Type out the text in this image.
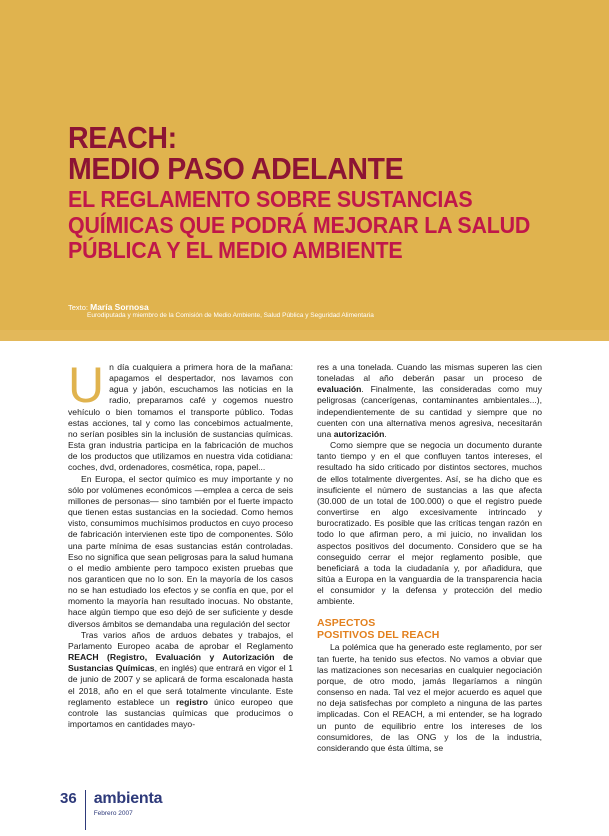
REACH:
MEDIO PASO ADELANTE
EL REGLAMENTO SOBRE SUSTANCIAS
QUÍMICAS QUE PODRÁ MEJORAR LA SALUD
PÚBLICA Y EL MEDIO AMBIENTE
Texto: María Sornosa
Eurodiputada y miembro de la Comisión de Medio Ambiente, Salud Pública y Seguridad Alimentaria

Un día cualquiera a primera hora de la mañana: apagamos el despertador, nos lavamos con agua y jabón, escuchamos las noticias en la radio, preparamos café y cogemos nuestro vehículo o bien tomamos el transporte público. Todas estas acciones, tal y como las concebimos actualmente, no serían posibles sin la inclusión de sustancias químicas. Esta gran industria participa en la fabricación de muchos de los productos que utilizamos en nuestra vida cotidiana: coches, dvd, ordenadores, cosmética, ropa, papel...

En Europa, el sector químico es muy importante y no sólo por volúmenes económicos —emplea a cerca de seis millones de personas— sino también por el fuerte impacto que tienen estas sustancias en la sociedad. Como hemos visto, consumimos muchísimos productos en cuyo proceso de fabricación intervienen este tipo de componentes. Sólo una parte mínima de esas sustancias están controladas. Eso no significa que sean peligrosas para la salud humana o el medio ambiente pero tampoco existen pruebas que nos garanticen que no lo son. En la mayoría de los casos no se han estudiado los efectos y se confía en que, por el momento la mayoría han resultado inocuas. No obstante, hace algún tiempo que eso dejó de ser suficiente y desde diversos ámbitos se demandaba una regulación del sector

Tras varios años de arduos debates y trabajos, el Parlamento Europeo acaba de aprobar el Reglamento REACH (Registro, Evaluación y Autorización de Sustancias Químicas, en inglés) que entrará en vigor el 1 de junio de 2007 y se aplicará de forma escalonada hasta el 2018, año en el que será totalmente vinculante. Este reglamento establece un registro único europeo que controle las sustancias químicas que producimos o importamos en cantidades mayo-

res a una tonelada. Cuando las mismas superen las cien toneladas al año deberán pasar un proceso de evaluación. Finalmente, las consideradas como muy peligrosas (cancerígenas, contaminantes ambientales...), independientemente de su cantidad y siempre que no cuenten con una alternativa menos agresiva, necesitarán una autorización.

Como siempre que se negocia un documento durante tanto tiempo y en el que confluyen tantos intereses, el resultado ha sido criticado por distintos sectores, muchos de ellos totalmente divergentes. Así, se ha dicho que es insuficiente el número de sustancias a las que afecta (30.000 de un total de 100.000) o que el registro puede convertirse en algo excesivamente intrincado y burocratizado. Es posible que las críticas tengan razón en todo lo que afirman pero, a mi juicio, no invalidan los aspectos positivos del documento. Considero que se ha conseguido cerrar el mejor reglamento posible, que beneficiará a toda la ciudadanía y, por añadidura, que sitúa a Europa en la vanguardia de la transparencia hacia el consumidor y la defensa y protección del medio ambiente.

ASPECTOS
POSITIVOS DEL REACH

La polémica que ha generado este reglamento, por ser tan fuerte, ha tenido sus efectos. No vamos a obviar que las matizaciones son necesarias en cualquier negociación porque, de otro modo, jamás llegaríamos a ningún consenso en nada. Tal vez el mejor acuerdo es aquel que no deja satisfechas por completo a ninguna de las partes implicadas. Con el REACH, a mi entender, se ha logrado un punto de equilibrio entre los intereses de los consumidores, de las ONG y los de la industria, considerando que ésta última, se

36	ambienta
Febrero 2007
